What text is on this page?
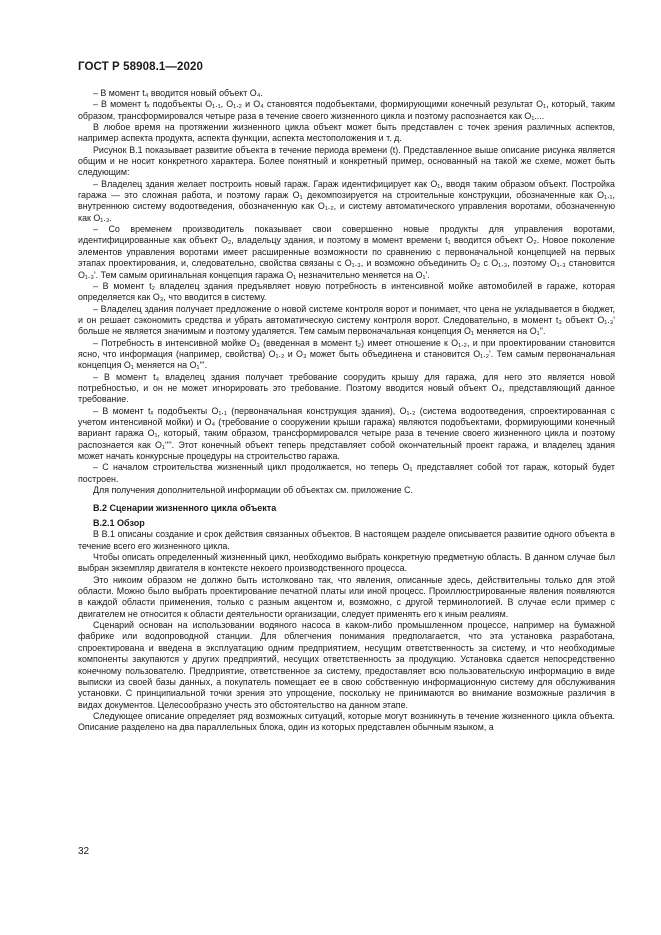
ГОСТ Р 58908.1—2020

– В момент t₄ вводится новый объект O₄.

– В момент tₓ подобъекты O₁.₁, O₁.₂ и O₄ становятся подобъектами, формирующими конечный результат O₁, который, таким образом, трансформировался четыре раза в течение своего жизненного цикла и поэтому распознается как O₁....

В любое время на протяжении жизненного цикла объект может быть представлен с точек зрения различных аспектов, например аспекта продукта, аспекта функции, аспекта местоположения и т. д.

Рисунок В.1 показывает развитие объекта в течение периода времени (t). Представленное выше описание рисунка является общим и не носит конкретного характера. Более понятный и конкретный пример, основанный на такой же схеме, может быть следующим:

– Владелец здания желает построить новый гараж. Гараж идентифицирует как O₁, вводя таким образом объект. Постройка гаража — это сложная работа, и поэтому гараж O₁ декомпозируется на строительные конструкции, обозначенные как O₁.₁, внутреннюю систему водоотведения, обозначенную как O₁.₂, и систему автоматического управления воротами, обозначенную как O₁.₃.

– Со временем производитель показывает свои совершенно новые продукты для управления воротами, идентифицированные как объект O₂, владельцу здания, и поэтому в момент времени t₁ вводится объект O₂. Новое поколение элементов управления воротами имеет расширенные возможности по сравнению с первоначальной концепцией на первых этапах проектирования, и, следовательно, свойства связаны с O₁.₃, и возможно объединить O₂ с O₁.₃, поэтому O₁.₃ становится O₁.₃'. Тем самым оригинальная концепция гаража O₁ незначительно меняется на O₁'.

– В момент t₂ владелец здания предъявляет новую потребность в интенсивной мойке автомобилей в гараже, которая определяется как O₃, что вводится в систему.

– Владелец здания получает предложение о новой системе контроля ворот и понимает, что цена не укладывается в бюджет, и он решает сэкономить средства и убрать автоматическую систему контроля ворот. Следовательно, в момент t₃ объект O₁.₃' больше не является значимым и поэтому удаляется. Тем самым первоначальная концепция O₁ меняется на O₁''.

– Потребность в интенсивной мойке O₃ (введенная в момент t₂) имеет отношение к O₁.₂, и при проектировании становится ясно, что информация (например, свойства) O₁.₂ и O₃ может быть объединена и становится O₁.₂'. Тем самым первоначальная концепция O₁ меняется на O₁'''.

– В момент t₄ владелец здания получает требование соорудить крышу для гаража, для него это является новой потребностью, и он не может игнорировать это требование. Поэтому вводится новый объект O₄, представляющий данное требование.

– В момент tₓ подобъекты O₁.₁ (первоначальная конструкция здания), O₁.₂ (система водоотведения, спроектированная с учетом интенсивной мойки) и O₄ (требование о сооружении крыши гаража) являются подобъектами, формирующими конечный вариант гаража O₁, который, таким образом, трансформировался четыре раза в течение своего жизненного цикла и поэтому распознается как O₁''''. Этот конечный объект теперь представляет собой окончательный проект гаража, и владелец здания может начать конкурсные процедуры на строительство гаража.

– С началом строительства жизненный цикл продолжается, но теперь O₁ представляет собой тот гараж, который будет построен.

Для получения дополнительной информации об объектах см. приложение С.

В.2 Сценарии жизненного цикла объекта
В.2.1 Обзор

В В.1 описаны создание и срок действия связанных объектов. В настоящем разделе описывается развитие одного объекта в течение всего его жизненного цикла.

Чтобы описать определенный жизненный цикл, необходимо выбрать конкретную предметную область. В данном случае был выбран экземпляр двигателя в контексте некоего производственного процесса.

Это никоим образом не должно быть истолковано так, что явления, описанные здесь, действительны только для этой области. Можно было выбрать проектирование печатной платы или иной процесс. Проиллюстрированные явления появляются в каждой области применения, только с разным акцентом и, возможно, с другой терминологией. В случае если пример с двигателем не относится к области деятельности организации, следует применять его к иным реалиям.

Сценарий основан на использовании водяного насоса в каком-либо промышленном процессе, например на бумажной фабрике или водопроводной станции. Для облегчения понимания предполагается, что эта установка разработана, спроектирована и введена в эксплуатацию одним предприятием, несущим ответственность за систему, и что необходимые компоненты закупаются у других предприятий, несущих ответственность за продукцию. Установка сдается непосредственно конечному пользователю. Предприятие, ответственное за систему, предоставляет всю пользовательскую информацию в виде выписки из своей базы данных, а покупатель помещает ее в свою собственную информационную систему для обслуживания установки. С принципиальной точки зрения это упрощение, поскольку не принимаются во внимание возможные различия в видах документов. Целесообразно учесть это обстоятельство на данном этапе.

Следующее описание определяет ряд возможных ситуаций, которые могут возникнуть в течение жизненного цикла объекта. Описание разделено на два параллельных блока, один из которых представлен обычным языком, а

32
